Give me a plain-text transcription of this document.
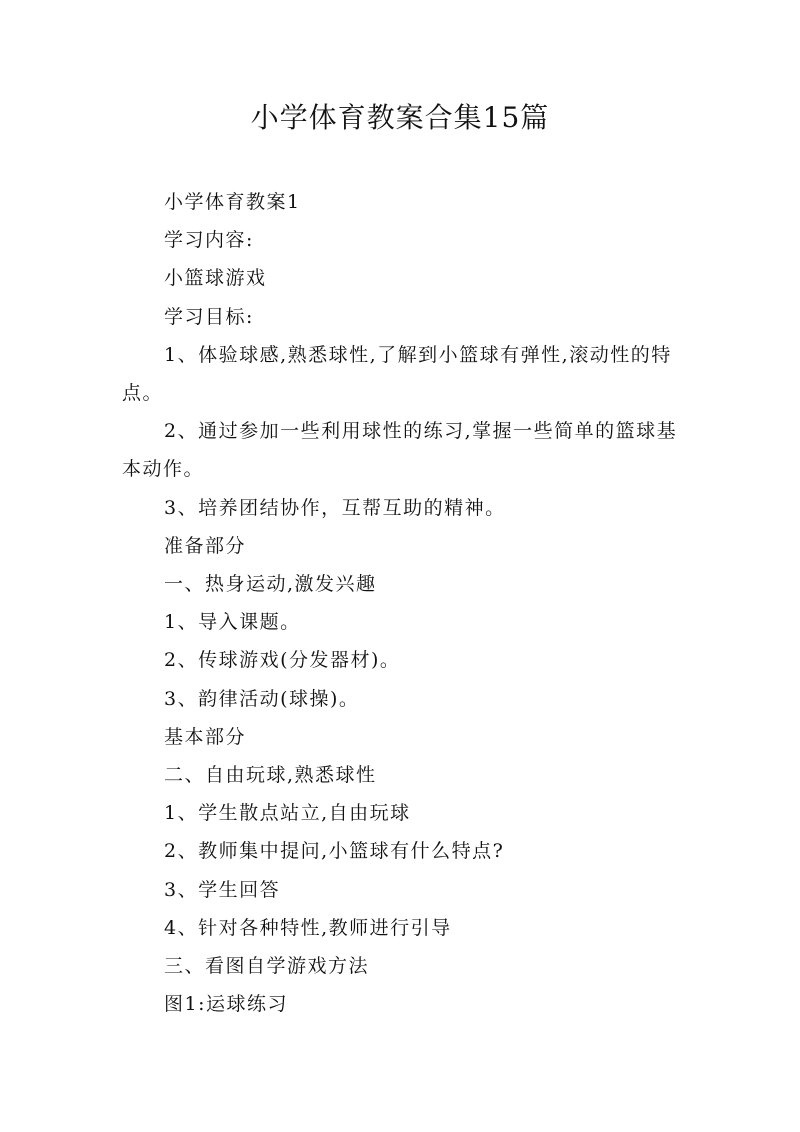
小学体育教案合集15篇

小学体育教案1

学习内容:

小篮球游戏

学习目标:

1、体验球感,熟悉球性,了解到小篮球有弹性,滚动性的特点。

2、通过参加一些利用球性的练习,掌握一些简单的篮球基本动作。

3、培养团结协作，互帮互助的精神。

准备部分

一、热身运动,激发兴趣

1、导入课题。

2、传球游戏(分发器材)。

3、韵律活动(球操)。

基本部分

二、自由玩球,熟悉球性

1、学生散点站立,自由玩球

2、教师集中提问,小篮球有什么特点?

3、学生回答

4、针对各种特性,教师进行引导

三、看图自学游戏方法

图1:运球练习
